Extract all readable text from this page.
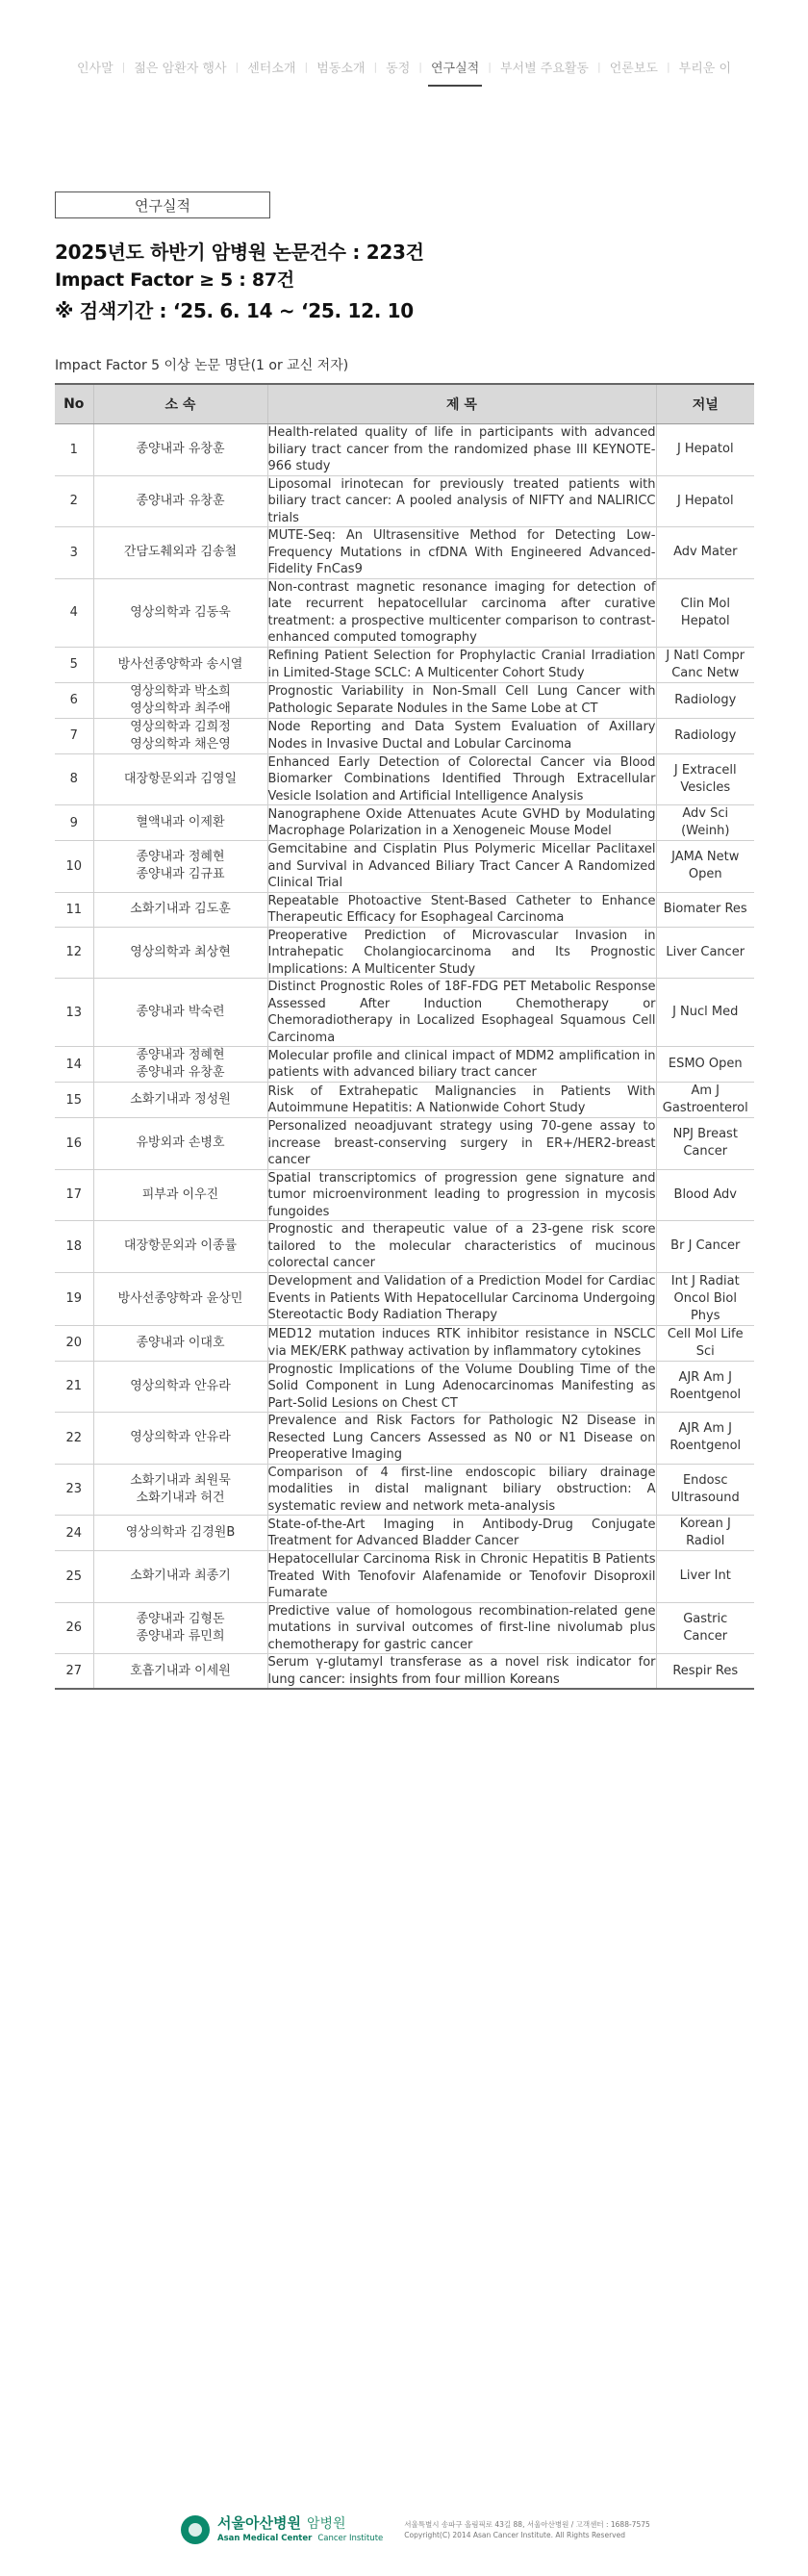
인사말 | 젊은 암환자 행사 | 센터소개 | 범동소개 | 동정 | 연구실적 | 부서별 주요활동 | 언론보도 | 부리운 이
연구실적
2025년도 하반기 암병원 논문건수 : 223건
Impact Factor ≥ 5 : 87건
※ 검색기간 : ‘25. 6. 14 ~ ‘25. 12. 10
Impact Factor 5 이상 논문 명단(1 or 교신 저자)
No	소 속	제 목	저널
1	종양내과 유창훈	Health-related quality of life in participants with advanced biliary tract cancer from the randomized phase III KEYNOTE-966 study	J Hepatol
2	종양내과 유창훈	Liposomal irinotecan for previously treated patients with biliary tract cancer: A pooled analysis of NIFTY and NALIRICC trials	J Hepatol
3	간담도췌외과 김송철	MUTE-Seq: An Ultrasensitive Method for Detecting Low-Frequency Mutations in cfDNA With Engineered Advanced-Fidelity FnCas9	Adv Mater
4	영상의학과 김동욱	Non-contrast magnetic resonance imaging for detection of late recurrent hepatocellular carcinoma after curative treatment: a prospective multicenter comparison to contrast-enhanced computed tomography	Clin Mol
Hepatol
5	방사선종양학과 송시열	Refining Patient Selection for Prophylactic Cranial Irradiation in Limited-Stage SCLC: A Multicenter Cohort Study	J Natl Compr
Canc Netw
6	영상의학과 박소희
영상의학과 최주애	Prognostic Variability in Non-Small Cell Lung Cancer with Pathologic Separate Nodules in the Same Lobe at CT	Radiology
7	영상의학과 김희정
영상의학과 채은영	Node Reporting and Data System Evaluation of Axillary Nodes in Invasive Ductal and Lobular Carcinoma	Radiology
8	대장항문외과 김영일	Enhanced Early Detection of Colorectal Cancer via Blood Biomarker Combinations Identified Through Extracellular Vesicle Isolation and Artificial Intelligence Analysis	J Extracell
Vesicles
9	혈액내과 이제환	Nanographene Oxide Attenuates Acute GVHD by Modulating Macrophage Polarization in a Xenogeneic Mouse Model	Adv Sci
(Weinh)
10	종양내과 정혜현
종양내과 김규표	Gemcitabine and Cisplatin Plus Polymeric Micellar Paclitaxel and Survival in Advanced Biliary Tract Cancer A Randomized Clinical Trial	JAMA Netw
Open
11	소화기내과 김도훈	Repeatable Photoactive Stent-Based Catheter to Enhance Therapeutic Efficacy for Esophageal Carcinoma	Biomater Res
12	영상의학과 최상현	Preoperative Prediction of Microvascular Invasion in Intrahepatic Cholangiocarcinoma and Its Prognostic Implications: A Multicenter Study	Liver Cancer
13	종양내과 박숙련	Distinct Prognostic Roles of 18F-FDG PET Metabolic Response Assessed After Induction Chemotherapy or Chemoradiotherapy in Localized Esophageal Squamous Cell Carcinoma	J Nucl Med
14	종양내과 정혜현
종양내과 유창훈	Molecular profile and clinical impact of MDM2 amplification in patients with advanced biliary tract cancer	ESMO Open
15	소화기내과 정성원	Risk of Extrahepatic Malignancies in Patients With Autoimmune Hepatitis: A Nationwide Cohort Study	Am J
Gastroenterol
16	유방외과 손병호	Personalized neoadjuvant strategy using 70-gene assay to increase breast-conserving surgery in ER+/HER2-breast cancer	NPJ Breast
Cancer
17	피부과 이우진	Spatial transcriptomics of progression gene signature and tumor microenvironment leading to progression in mycosis fungoides	Blood Adv
18	대장항문외과 이종률	Prognostic and therapeutic value of a 23-gene risk score tailored to the molecular characteristics of mucinous colorectal cancer	Br J Cancer
19	방사선종양학과 윤상민	Development and Validation of a Prediction Model for Cardiac Events in Patients With Hepatocellular Carcinoma Undergoing Stereotactic Body Radiation Therapy	Int J Radiat
Oncol Biol
Phys
20	종양내과 이대호	MED12 mutation induces RTK inhibitor resistance in NSCLC via MEK/ERK pathway activation by inflammatory cytokines	Cell Mol Life
Sci
21	영상의학과 안유라	Prognostic Implications of the Volume Doubling Time of the Solid Component in Lung Adenocarcinomas Manifesting as Part-Solid Lesions on Chest CT	AJR Am J
Roentgenol
22	영상의학과 안유라	Prevalence and Risk Factors for Pathologic N2 Disease in Resected Lung Cancers Assessed as N0 or N1 Disease on Preoperative Imaging	AJR Am J
Roentgenol
23	소화기내과 최원묵
소화기내과 허건	Comparison of 4 first-line endoscopic biliary drainage modalities in distal malignant biliary obstruction: A systematic review and network meta-analysis	Endosc
Ultrasound
24	영상의학과 김경원B	State-of-the-Art Imaging in Antibody-Drug Conjugate Treatment for Advanced Bladder Cancer	Korean J
Radiol
25	소화기내과 최종기	Hepatocellular Carcinoma Risk in Chronic Hepatitis B Patients Treated With Tenofovir Alafenamide or Tenofovir Disoproxil Fumarate	Liver Int
26	종양내과 김형돈
종양내과 류민희	Predictive value of homologous recombination-related gene mutations in survival outcomes of first-line nivolumab plus chemotherapy for gastric cancer	Gastric
Cancer
27	호흡기내과 이세원	Serum γ-glutamyl transferase as a novel risk indicator for lung cancer: insights from four million Koreans	Respir Res
서울아산병원 암병원
Asan Medical Center Cancer Institute
서울특별시 송파구 올림픽로 43길 88, 서울아산병원 / 고객센터 : 1688-7575
Copyright(C) 2014 Asan Cancer Institute. All Rights Reserved
